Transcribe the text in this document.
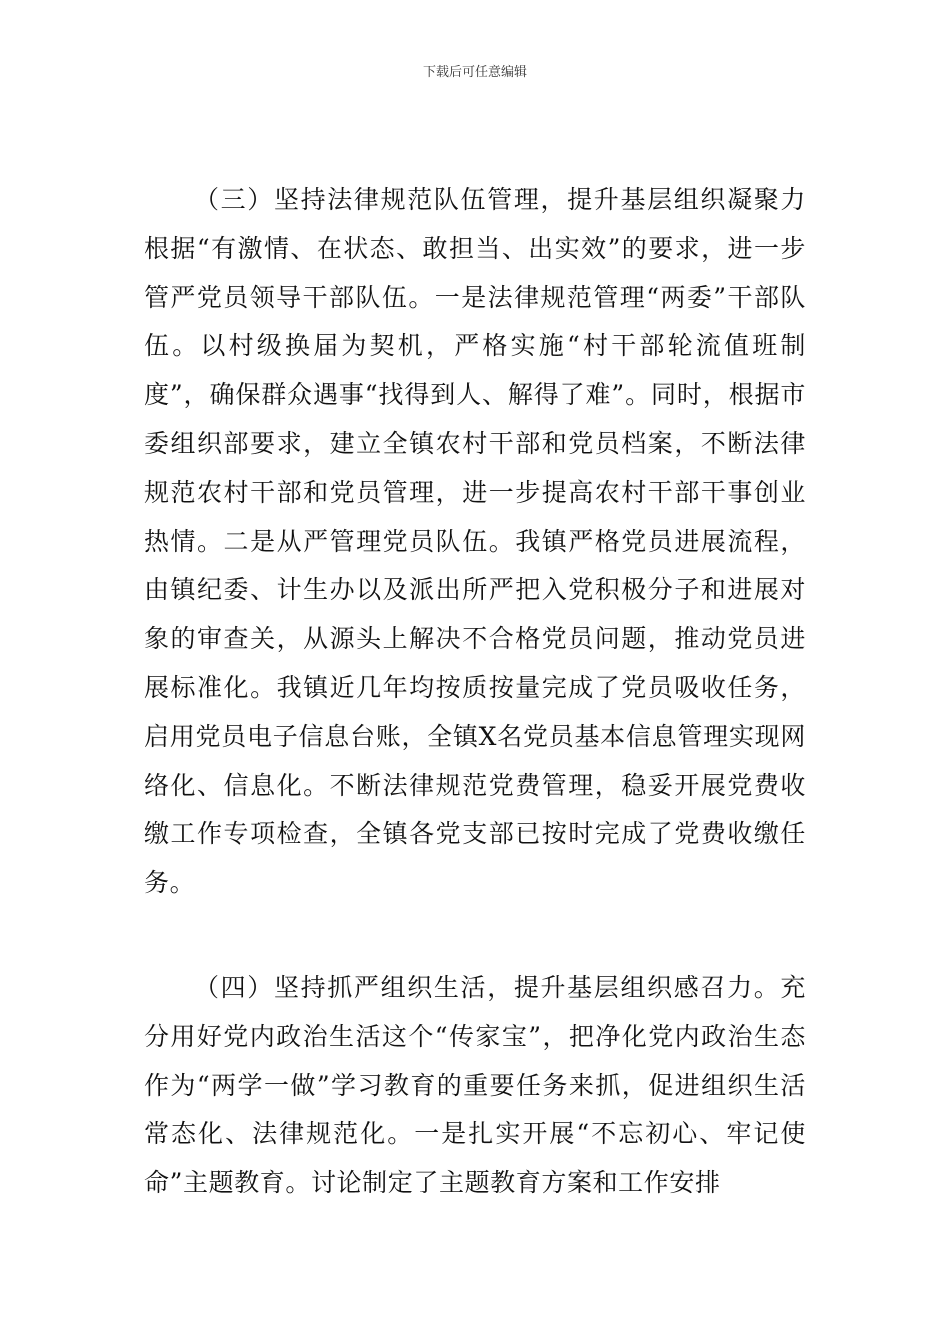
下载后可任意编辑

（三）坚持法律规范队伍管理，提升基层组织凝聚力根据“有激情、在状态、敢担当、出实效”的要求，进一步管严党员领导干部队伍。一是法律规范管理“两委”干部队伍。以村级换届为契机，严格实施“村干部轮流值班制度”，确保群众遇事“找得到人、解得了难”。同时，根据市委组织部要求，建立全镇农村干部和党员档案，不断法律规范农村干部和党员管理，进一步提高农村干部干事创业热情。二是从严管理党员队伍。我镇严格党员进展流程，由镇纪委、计生办以及派出所严把入党积极分子和进展对象的审查关，从源头上解决不合格党员问题，推动党员进展标准化。我镇近几年均按质按量完成了党员吸收任务，启用党员电子信息台账，全镇X名党员基本信息管理实现网络化、信息化。不断法律规范党费管理，稳妥开展党费收缴工作专项检查，全镇各党支部已按时完成了党费收缴任务。

（四）坚持抓严组织生活，提升基层组织感召力。充分用好党内政治生活这个“传家宝”，把净化党内政治生态作为“两学一做”学习教育的重要任务来抓，促进组织生活常态化、法律规范化。一是扎实开展“不忘初心、牢记使命”主题教育。讨论制定了主题教育方案和工作安排
